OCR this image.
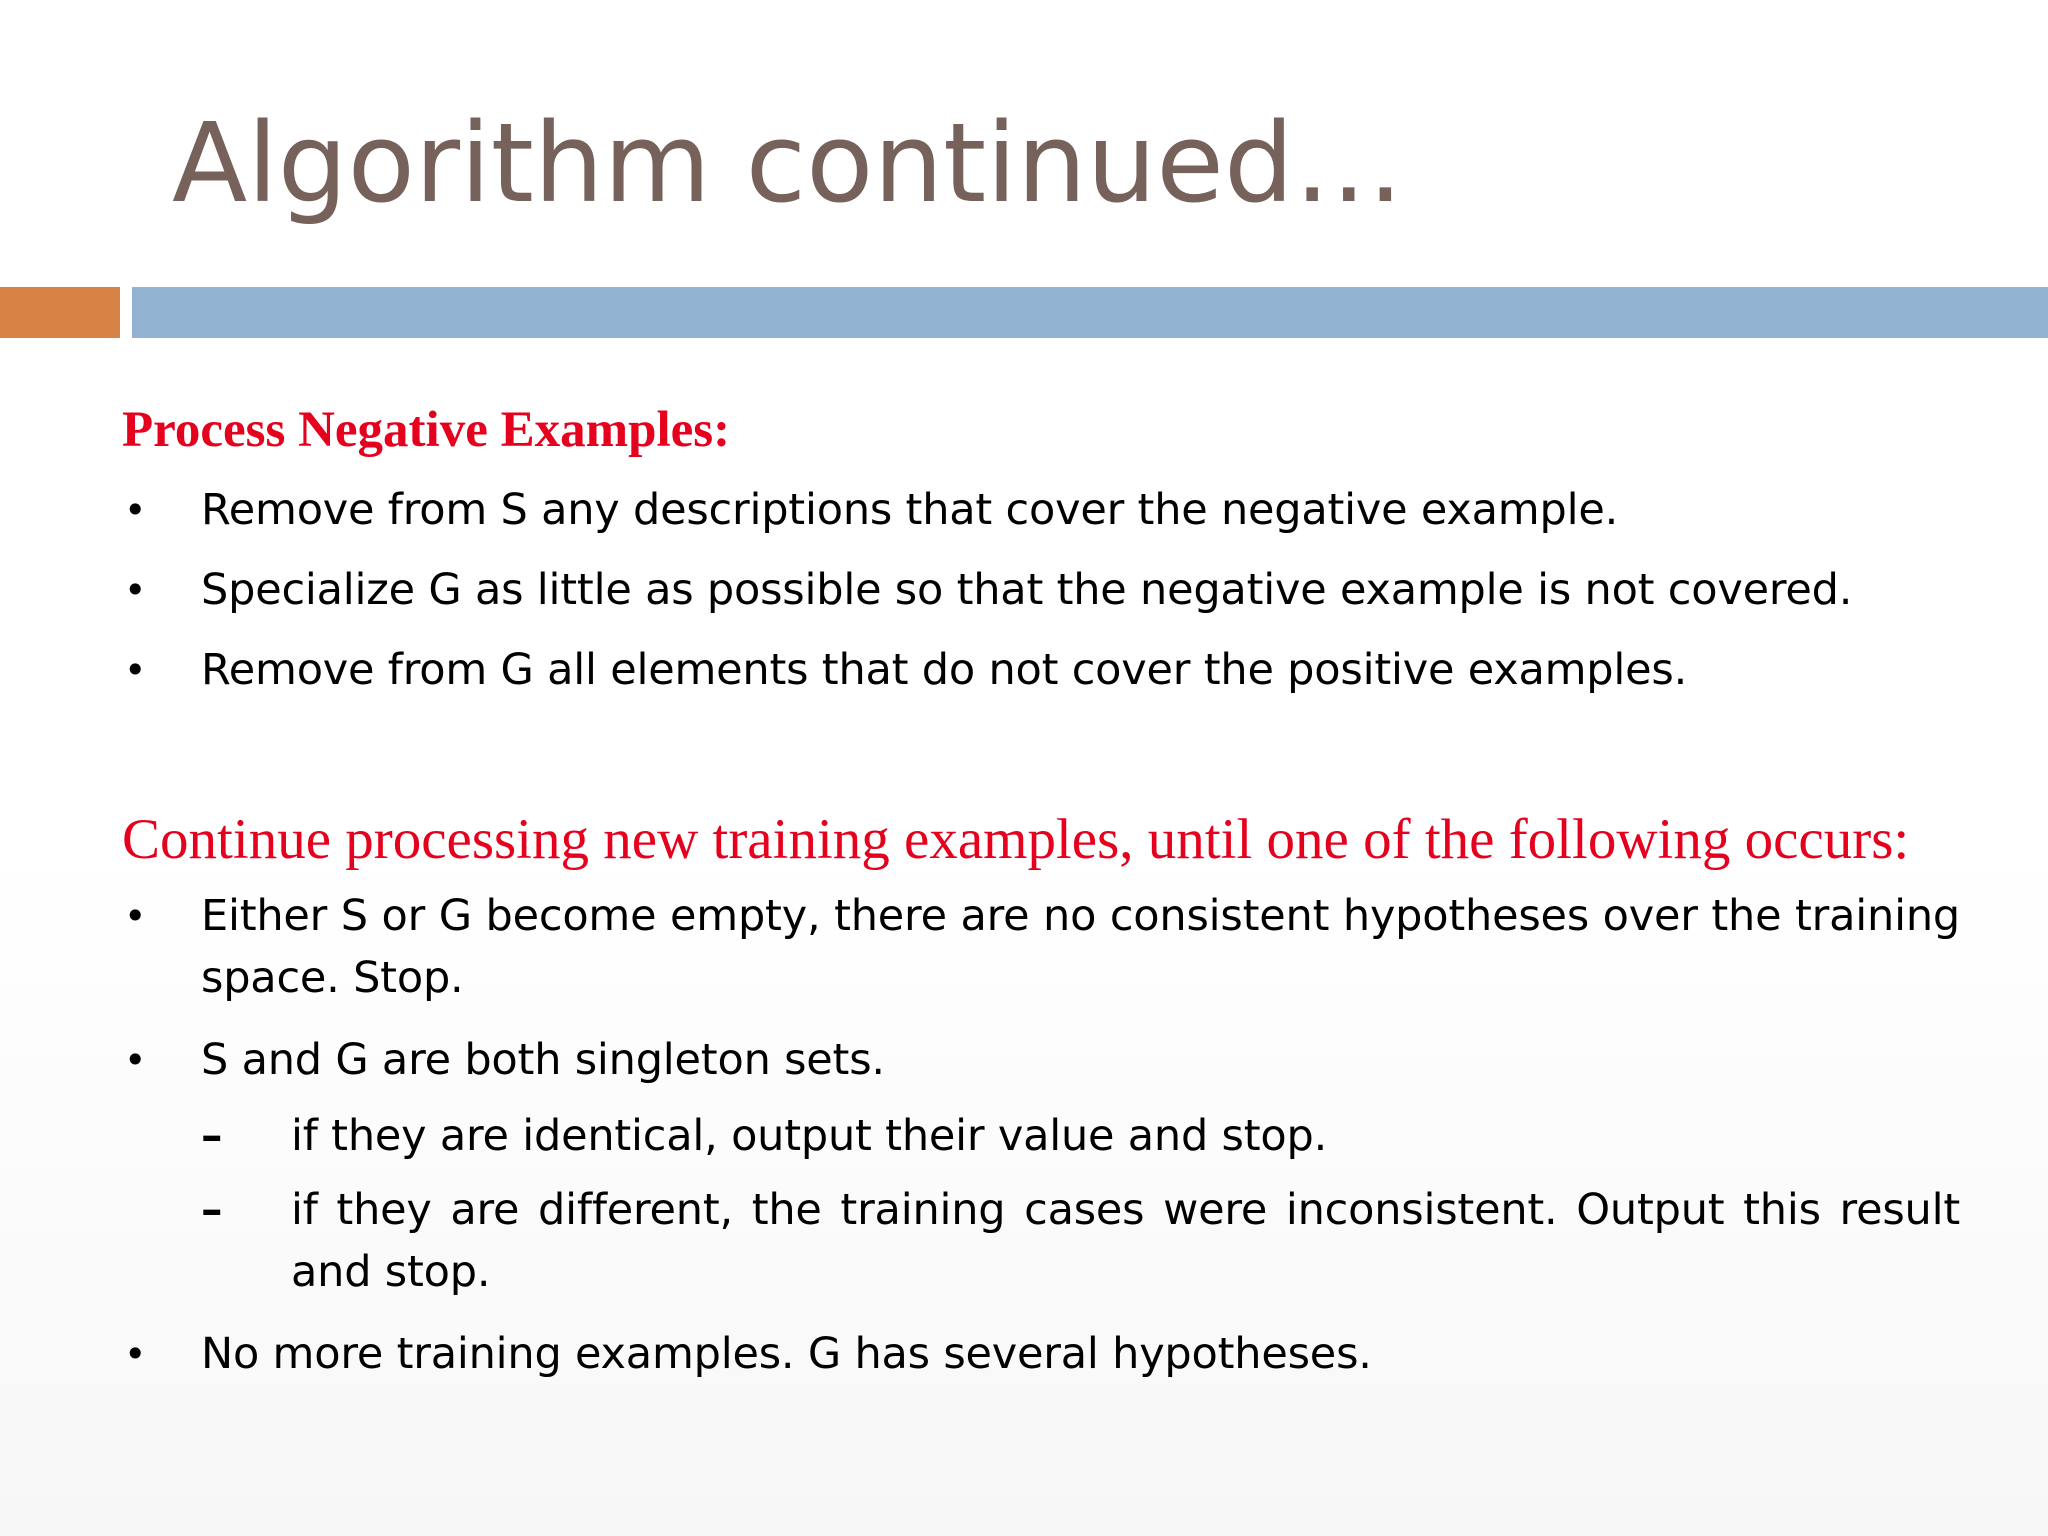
Algorithm continued…

Process Negative Examples:

• Remove from S any descriptions that cover the negative example.
• Specialize G as little as possible so that the negative example is not covered.
• Remove from G all elements that do not cover the positive examples.

Continue processing new training examples, until one of the following occurs:

• Either S or G become empty, there are no consistent hypotheses over the training space. Stop.
• S and G are both singleton sets.
– if they are identical, output their value and stop.
– if they are different, the training cases were inconsistent. Output this result and stop.
• No more training examples. G has several hypotheses.
